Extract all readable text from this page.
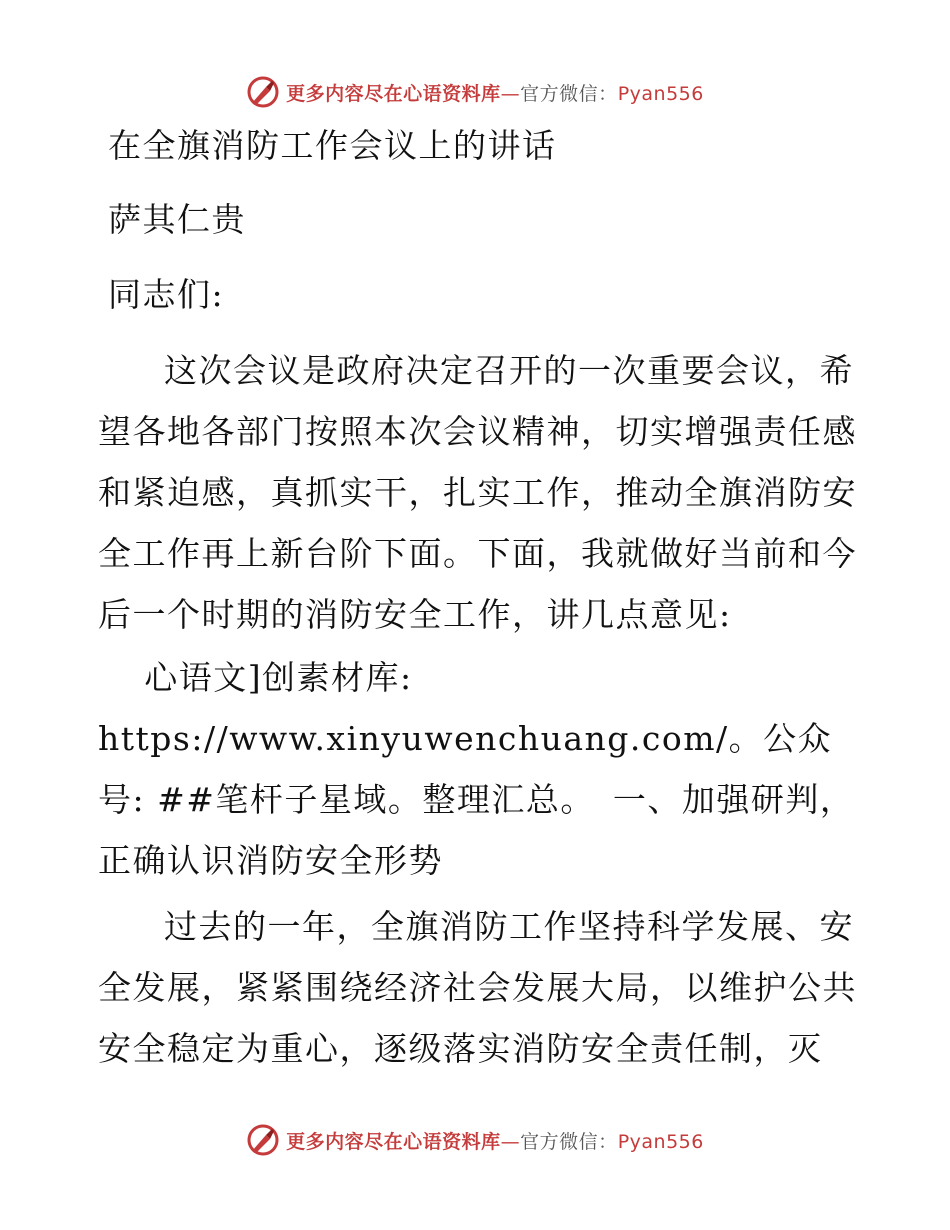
更多内容尽在心语资料库—官方微信：Pyan556
在全旗消防工作会议上的讲话
萨其仁贵
同志们:

这次会议是政府决定召开的一次重要会议，希望各地各部门按照本次会议精神，切实增强责任感和紧迫感，真抓实干，扎实工作，推动全旗消防安全工作再上新台阶下面。下面，我就做好当前和今后一个时期的消防安全工作，讲几点意见:

心语文]创素材库: https://www.xinyuwenchuang.com/。公众号: ##笔杆子星域。整理汇总。　一、加强研判，正确认识消防安全形势

过去的一年，全旗消防工作坚持科学发展、安全发展，紧紧围绕经济社会发展大局，以维护公共安全稳定为重心，逐级落实消防安全责任制，灭

更多内容尽在心语资料库—官方微信：Pyan556
